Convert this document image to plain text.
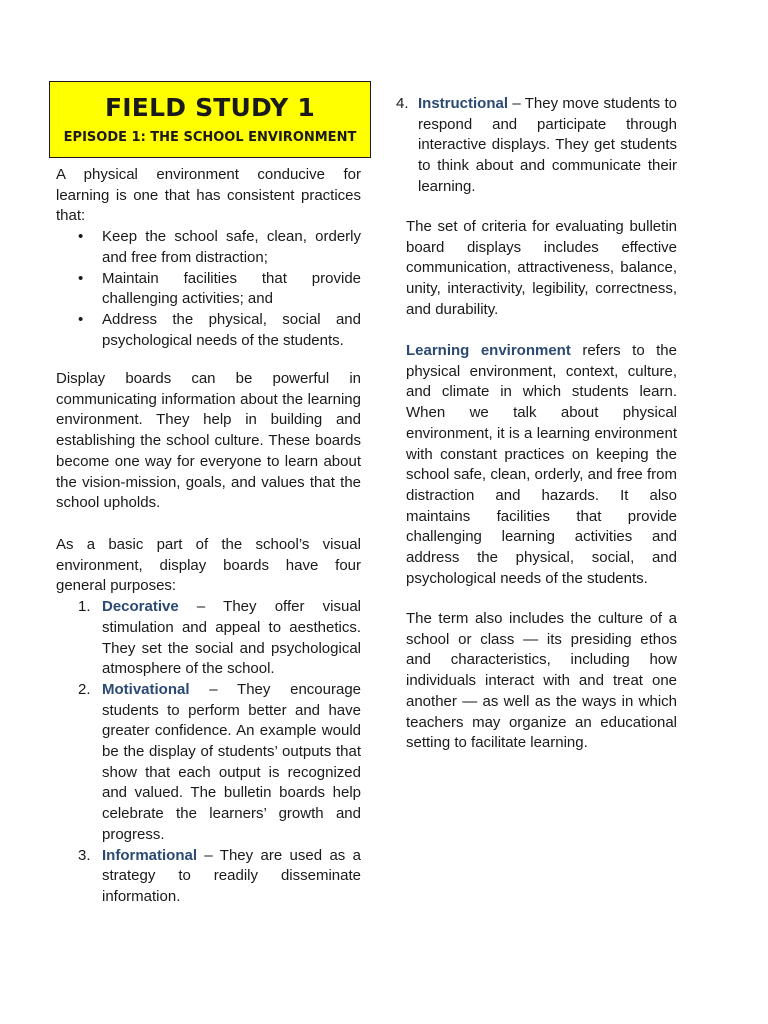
FIELD STUDY 1
EPISODE 1: THE SCHOOL ENVIRONMENT

A physical environment conducive for learning is one that has consistent practices that:

• Keep the school safe, clean, orderly and free from distraction;
• Maintain facilities that provide challenging activities; and
• Address the physical, social and psychological needs of the students.

Display boards can be powerful in communicating information about the learning environment. They help in building and establishing the school culture. These boards become one way for everyone to learn about the vision-mission, goals, and values that the school upholds.

As a basic part of the school’s visual environment, display boards have four general purposes:

1. Decorative – They offer visual stimulation and appeal to aesthetics. They set the social and psychological atmosphere of the school.
2. Motivational – They encourage students to perform better and have greater confidence. An example would be the display of students’ outputs that show that each output is recognized and valued. The bulletin boards help celebrate the learners’ growth and progress.
3. Informational – They are used as a strategy to readily disseminate information.
4. Instructional – They move students to respond and participate through interactive displays. They get students to think about and communicate their learning.

The set of criteria for evaluating bulletin board displays includes effective communication, attractiveness, balance, unity, interactivity, legibility, correctness, and durability.

Learning environment refers to the physical environment, context, culture, and climate in which students learn. When we talk about physical environment, it is a learning environment with constant practices on keeping the school safe, clean, orderly, and free from distraction and hazards. It also maintains facilities that provide challenging learning activities and address the physical, social, and psychological needs of the students.

The term also includes the culture of a school or class — its presiding ethos and characteristics, including how individuals interact with and treat one another — as well as the ways in which teachers may organize an educational setting to facilitate learning.
